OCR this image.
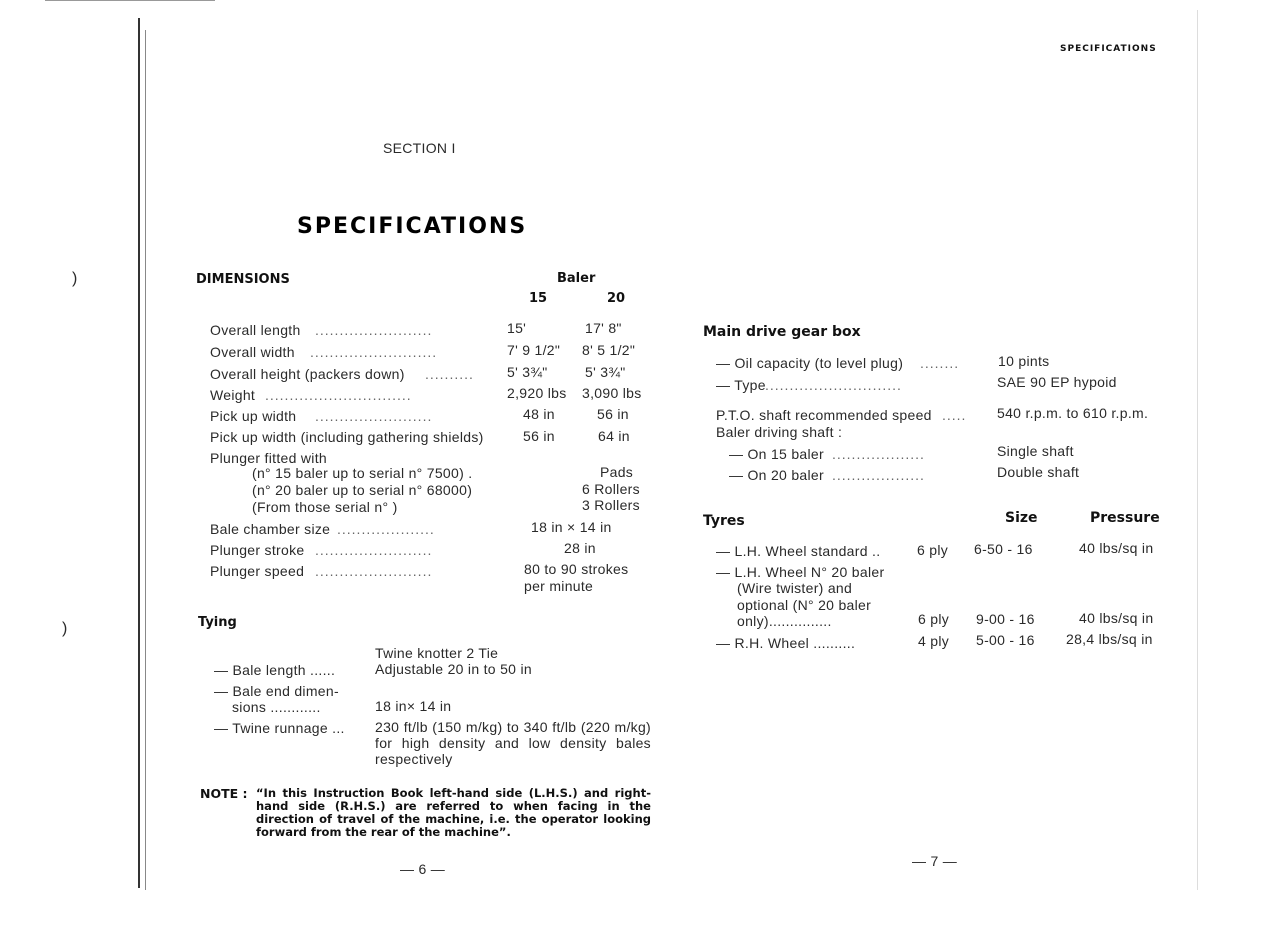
)
)
SPECIFICATIONS
SECTION I
SPECIFICATIONS
DIMENSIONS	Baler
15	20
Overall length ........................	15'	17' 8"
Overall width ..........................	7' 9 1/2" 8' 5 1/2"
Overall height (packers down) .......... 5' 3¾"	5' 3¾"
Weight ..............................	2,920 lbs 3,090 lbs
Pick up width ........................	48 in	56 in
Pick up width (including gathering shields)	56 in	64 in
Plunger fitted with
(n° 15 baler up to serial n° 7500) .	Pads
(n° 20 baler up to serial n° 68000)	6 Rollers
(From those serial n° )	3 Rollers
Bale chamber size ....................	18 in × 14 in
Plunger stroke ........................	28 in
Plunger speed ........................	80 to 90 strokes
per minute
Tying
Twine knotter 2 Tie
— Bale length ......	Adjustable 20 in to 50 in
— Bale end dimen-
sions ............	18 in× 14 in
— Twine runnage ... 230 ft/lb (150 m/kg) to 340 ft/lb (220 m/kg) for high density and low density bales respectively
NOTE : “In this Instruction Book left-hand side (L.H.S.) and right-hand side (R.H.S.) are referred to when facing in the direction of travel of the machine, i.e. the operator looking forward from the rear of the machine”.
— 6 —
Main drive gear box
— Oil capacity (to level plug) ........	10 pints
— Type ............................	SAE 90 EP hypoid
P.T.O. shaft recommended speed ..... 540 r.p.m. to 610 r.p.m.
Baler driving shaft :
— On 15 baler ...................	Single shaft
— On 20 baler ...................	Double shaft
Tyres	Size	Pressure
— L.H. Wheel standard ..	6 ply 6-50 - 16	40 lbs/sq in
— L.H. Wheel N° 20 baler
(Wire twister) and
optional (N° 20 baler
only)...............	6 ply 9-00 - 16	40 lbs/sq in
— R.H. Wheel ..........	4 ply 5-00 - 16 28,4 lbs/sq in
— 7 —
